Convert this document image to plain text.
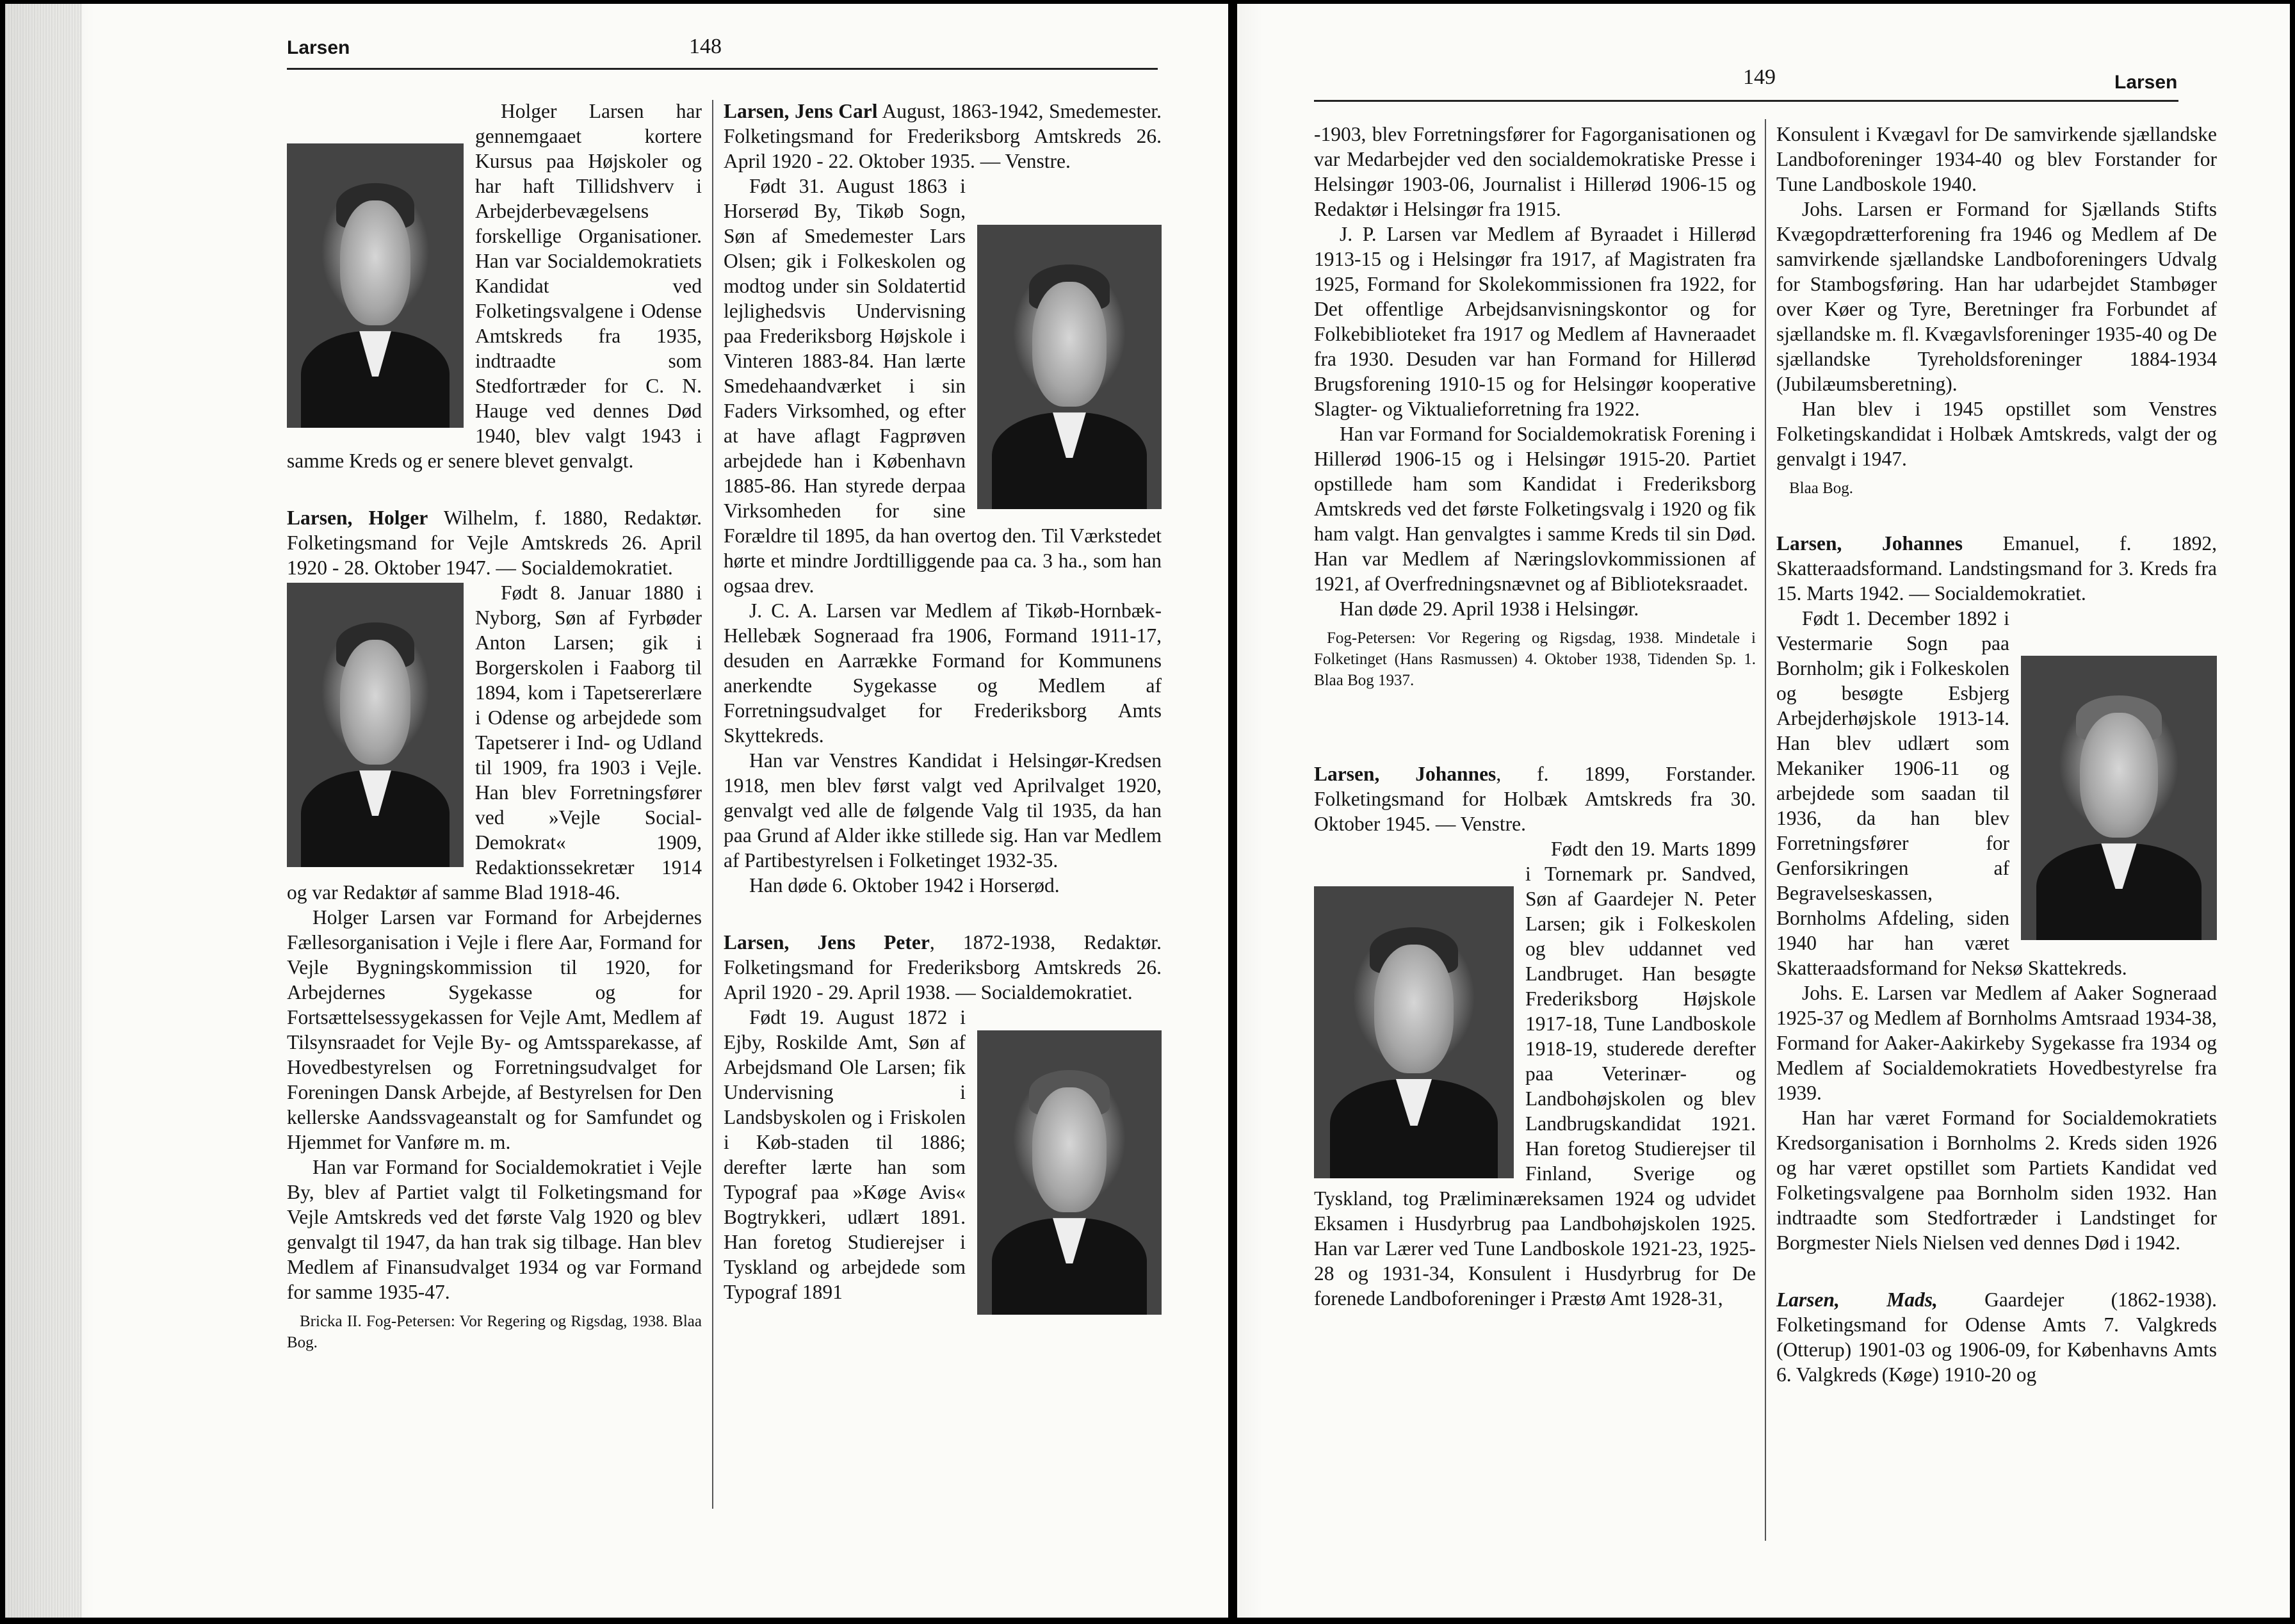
Larsen	148

Holger Larsen har gennemgaaet kortere Kursus paa Højskoler og har haft Tillidshverv i Arbejderbevægelsens forskellige Organisationer. Han var Socialdemokratiets Kandidat ved Folketingsvalgene i Odense Amtskreds fra 1935, indtraadte som Stedfortræder for C. N. Hauge ved dennes Død 1940, blev valgt 1943 i samme Kreds og er senere blevet genvalgt.

Larsen, Holger Wilhelm, f. 1880, Redaktør. Folketingsmand for Vejle Amtskreds 26. April 1920 - 28. Oktober 1947. — Socialdemokratiet.

Født 8. Januar 1880 i Nyborg, Søn af Fyrbøder Anton Larsen; gik i Borgerskolen i Faaborg til 1894, kom i Tapetsererlære i Odense og arbejdede som Tapetserer i Ind- og Udland til 1909, fra 1903 i Vejle. Han blev Forretningsfører ved »Vejle Social-Demokrat« 1909, Redaktionssekretær 1914 og var Redaktør af samme Blad 1918-46.

Holger Larsen var Formand for Arbejdernes Fællesorganisation i Vejle i flere Aar, Formand for Vejle Bygningskommission til 1920, for Arbejdernes Sygekasse og for Fortsættelsessygekassen for Vejle Amt, Medlem af Tilsynsraadet for Vejle By- og Amtssparekasse, af Hovedbestyrelsen og Forretningsudvalget for Foreningen Dansk Arbejde, af Bestyrelsen for Den kellerske Aandssvageanstalt og for Samfundet og Hjemmet for Vanføre m. m.

Han var Formand for Socialdemokratiet i Vejle By, blev af Partiet valgt til Folketingsmand for Vejle Amtskreds ved det første Valg 1920 og blev genvalgt til 1947, da han trak sig tilbage. Han blev Medlem af Finansudvalget 1934 og var Formand for samme 1935-47.

Bricka II. Fog-Petersen: Vor Regering og Rigsdag, 1938. Blaa Bog.

Larsen, Jens Carl August, 1863-1942, Smedemester. Folketingsmand for Frederiksborg Amtskreds 26. April 1920 - 22. Oktober 1935. — Venstre.

Født 31. August 1863 i Horserød By, Tikøb Sogn, Søn af Smedemester Lars Olsen; gik i Folkeskolen og modtog under sin Soldatertid lejlighedsvis Undervisning paa Frederiksborg Højskole i Vinteren 1883-84. Han lærte Smedehaandværket i sin Faders Virksomhed, og efter at have aflagt Fagprøven arbejdede han i København 1885-86. Han styrede derpaa Virksomheden for sine Forældre til 1895, da han overtog den. Til Værkstedet hørte et mindre Jordtilliggende paa ca. 3 ha., som han ogsaa drev.

J. C. A. Larsen var Medlem af Tikøb-Hornbæk-Hellebæk Sogneraad fra 1906, Formand 1911-17, desuden en Aarrække Formand for Kommunens anerkendte Sygekasse og Medlem af Forretningsudvalget for Frederiksborg Amts Skyttekreds.

Han var Venstres Kandidat i Helsingør-Kredsen 1918, men blev først valgt ved Aprilvalget 1920, genvalgt ved alle de følgende Valg til 1935, da han paa Grund af Alder ikke stillede sig. Han var Medlem af Partibestyrelsen i Folketinget 1932-35.

Han døde 6. Oktober 1942 i Horserød.

Larsen, Jens Peter, 1872-1938, Redaktør. Folketingsmand for Frederiksborg Amtskreds 26. April 1920 - 29. April 1938. — Socialdemokratiet.

Født 19. August 1872 i Ejby, Roskilde Amt, Søn af Arbejdsmand Ole Larsen; fik Undervisning i Landsbyskolen og i Friskolen i Køb-staden til 1886; derefter lærte han som Typograf paa »Køge Avis« Bogtrykkeri, udlært 1891. Han foretog Studierejser i Tyskland og arbejdede som Typograf 1891

149	Larsen

-1903, blev Forretningsfører for Fagorganisationen og var Medarbejder ved den socialdemokratiske Presse i Helsingør 1903-06, Journalist i Hillerød 1906-15 og Redaktør i Helsingør fra 1915.

J. P. Larsen var Medlem af Byraadet i Hillerød 1913-15 og i Helsingør fra 1917, af Magistraten fra 1925, Formand for Skolekommissionen fra 1922, for Det offentlige Arbejdsanvisningskontor og for Folkebiblioteket fra 1917 og Medlem af Havneraadet fra 1930. Desuden var han Formand for Hillerød Brugsforening 1910-15 og for Helsingør kooperative Slagter- og Viktualieforretning fra 1922.

Han var Formand for Socialdemokratisk Forening i Hillerød 1906-15 og i Helsingør 1915-20. Partiet opstillede ham som Kandidat i Frederiksborg Amtskreds ved det første Folketingsvalg i 1920 og fik ham valgt. Han genvalgtes i samme Kreds til sin Død. Han var Medlem af Næringslovkommissionen af 1921, af Overfredningsnævnet og af Biblioteksraadet.

Han døde 29. April 1938 i Helsingør.

Fog-Petersen: Vor Regering og Rigsdag, 1938. Mindetale i Folketinget (Hans Rasmussen) 4. Oktober 1938, Tidenden Sp. 1. Blaa Bog 1937.

Larsen, Johannes, f. 1899, Forstander. Folketingsmand for Holbæk Amtskreds fra 30. Oktober 1945. — Venstre.

Født den 19. Marts 1899 i Tornemark pr. Sandved, Søn af Gaardejer N. Peter Larsen; gik i Folkeskolen og blev uddannet ved Landbruget. Han besøgte Frederiksborg Højskole 1917-18, Tune Landboskole 1918-19, studerede derefter paa Veterinær- og Landbohøjskolen og blev Landbrugskandidat 1921. Han foretog Studierejser til Finland, Sverige og Tyskland, tog Præliminæreksamen 1924 og udvidet Eksamen i Husdyrbrug paa Landbohøjskolen 1925. Han var Lærer ved Tune Landboskole 1921-23, 1925-28 og 1931-34, Konsulent i Husdyrbrug for De forenede Landboforeninger i Præstø Amt 1928-31,

Konsulent i Kvægavl for De samvirkende sjællandske Landboforeninger 1934-40 og blev Forstander for Tune Landboskole 1940.

Johs. Larsen er Formand for Sjællands Stifts Kvægopdrætterforening fra 1946 og Medlem af De samvirkende sjællandske Landboforeningers Udvalg for Stambogsføring. Han har udarbejdet Stambøger over Køer og Tyre, Beretninger fra Forbundet af sjællandske m. fl. Kvægavlsforeninger 1935-40 og De sjællandske Tyreholdsforeninger 1884-1934 (Jubilæumsberetning).

Han blev i 1945 opstillet som Venstres Folketingskandidat i Holbæk Amtskreds, valgt der og genvalgt i 1947.

Blaa Bog.

Larsen, Johannes Emanuel, f. 1892, Skatteraadsformand. Landstingsmand for 3. Kreds fra 15. Marts 1942. — Socialdemokratiet.

Født 1. December 1892 i Vestermarie Sogn paa Bornholm; gik i Folkeskolen og besøgte Esbjerg Arbejderhøjskole 1913-14. Han blev udlært som Mekaniker 1906-11 og arbejdede som saadan til 1936, da han blev Forretningsfører for Genforsikringen af Begravelseskassen, Bornholms Afdeling, siden 1940 har han været Skatteraadsformand for Neksø Skattekreds.

Johs. E. Larsen var Medlem af Aaker Sogneraad 1925-37 og Medlem af Bornholms Amtsraad 1934-38, Formand for Aaker-Aakirkeby Sygekasse fra 1934 og Medlem af Socialdemokratiets Hovedbestyrelse fra 1939.

Han har været Formand for Socialdemokratiets Kredsorganisation i Bornholms 2. Kreds siden 1926 og har været opstillet som Partiets Kandidat ved Folketingsvalgene paa Bornholm siden 1932. Han indtraadte som Stedfortræder i Landstinget for Borgmester Niels Nielsen ved dennes Død i 1942.

Larsen, Mads, Gaardejer (1862-1938). Folketingsmand for Odense Amts 7. Valgkreds (Otterup) 1901-03 og 1906-09, for Københavns Amts 6. Valgkreds (Køge) 1910-20 og
